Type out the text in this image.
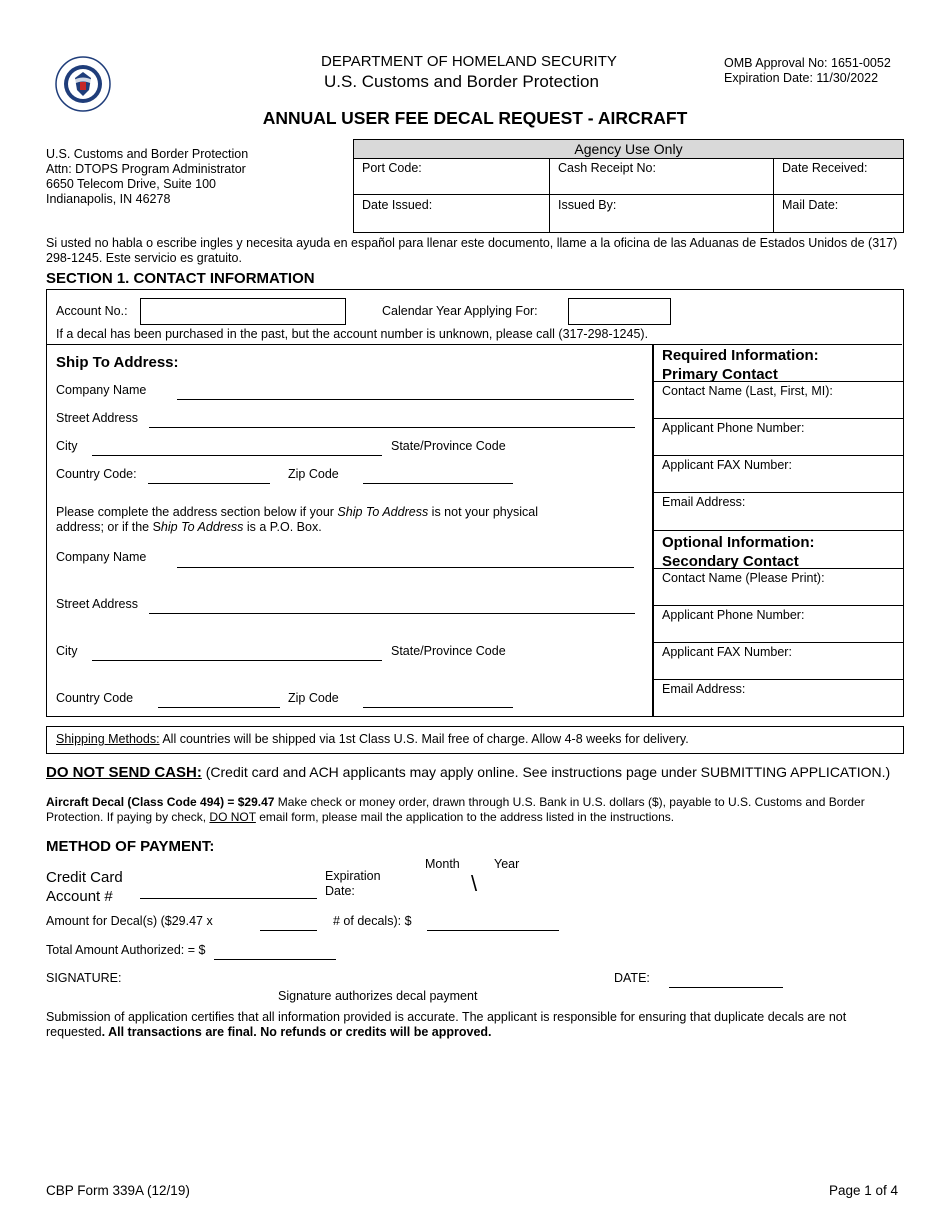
DEPARTMENT OF HOMELAND SECURITY
U.S. Customs and Border Protection
OMB Approval No: 1651-0052
Expiration Date: 11/30/2022
ANNUAL USER FEE DECAL REQUEST - AIRCRAFT
U.S. Customs and Border Protection
Attn: DTOPS Program Administrator
6650 Telecom Drive, Suite 100
Indianapolis, IN 46278
Agency Use Only
Port Code:	Cash Receipt No:	Date Received:
Date Issued:	Issued By:	Mail Date:
Si usted no habla o escribe ingles y necesita ayuda en español para llenar este documento, llame a la oficina de las Aduanas de Estados Unidos de (317) 298-1245. Este servicio es gratuito.
SECTION 1. CONTACT INFORMATION
Account No.:	Calendar Year Applying For:
If a decal has been purchased in the past, but the account number is unknown, please call (317-298-1245).
Ship To Address:
Company Name
Street Address
City	State/Province Code
Country Code:	Zip Code
Please complete the address section below if your Ship To Address is not your physical
address; or if the Ship To Address is a P.O. Box.
Company Name
Street Address
City	State/Province Code
Country Code	Zip Code
Required Information:
Primary Contact
Contact Name (Last, First, MI):
Applicant Phone Number:
Applicant FAX Number:
Email Address:
Optional Information:
Secondary Contact
Contact Name (Please Print):
Applicant Phone Number:
Applicant FAX Number:
Email Address:
Shipping Methods: All countries will be shipped via 1st Class U.S. Mail free of charge. Allow 4-8 weeks for delivery.
DO NOT SEND CASH: (Credit card and ACH applicants may apply online. See instructions page under SUBMITTING APPLICATION.)
Aircraft Decal (Class Code 494) = $29.47 Make check or money order, drawn through U.S. Bank in U.S. dollars ($), payable to U.S. Customs and Border Protection. If paying by check, DO NOT email form, please mail the application to the address listed in the instructions.
METHOD OF PAYMENT:
Credit Card
Account #
Expiration
Date:
Month	Year
\
Amount for Decal(s) ($29.47 x	# of decals): $
Total Amount Authorized: = $
SIGNATURE:	DATE:
Signature authorizes decal payment
Submission of application certifies that all information provided is accurate. The applicant is responsible for ensuring that duplicate decals are not requested. All transactions are final. No refunds or credits will be approved.
CBP Form 339A (12/19)	Page 1 of 4
